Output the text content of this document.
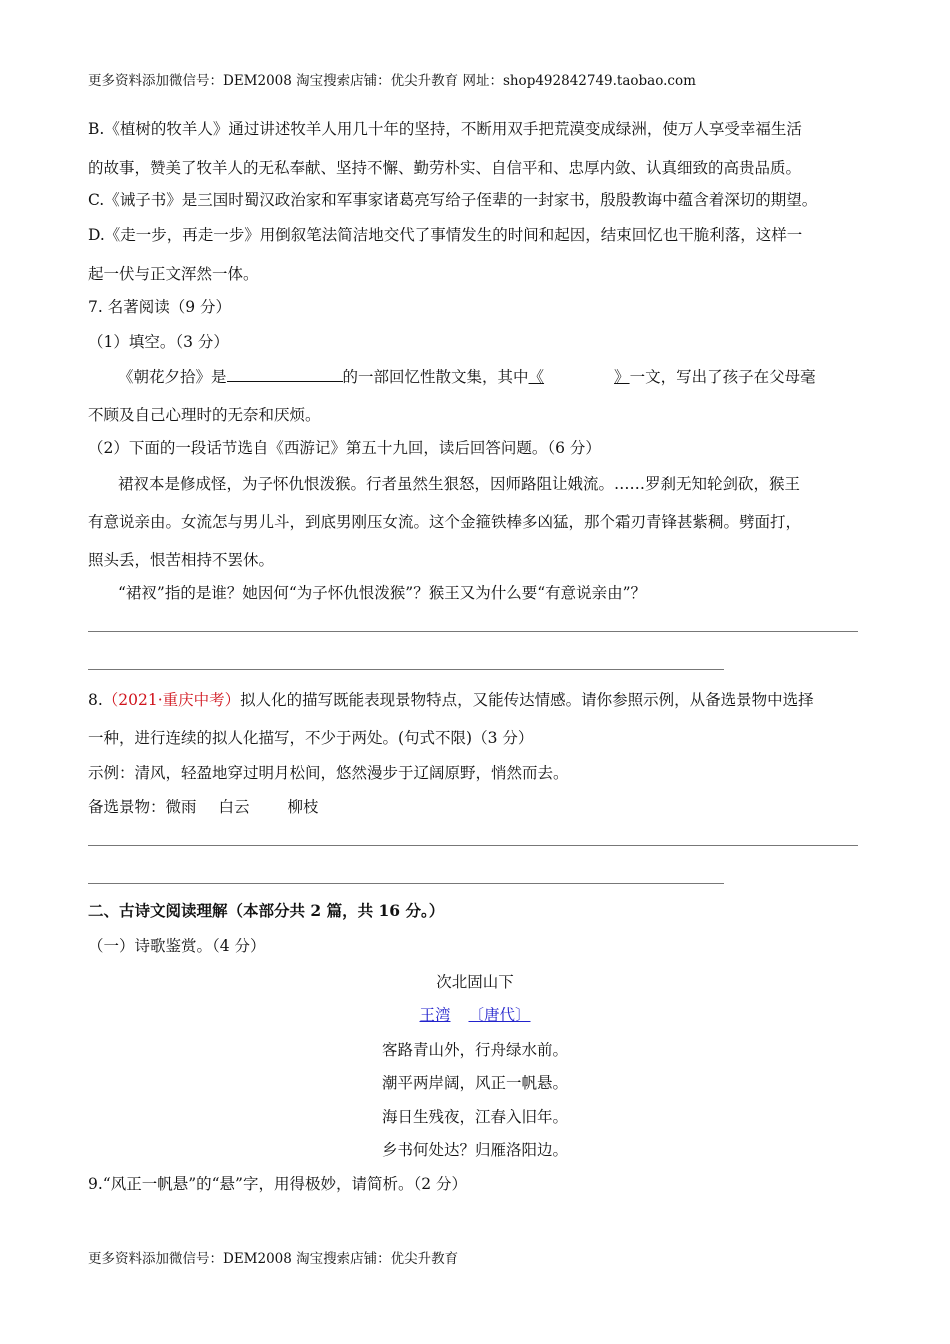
更多资料添加微信号：DEM2008 淘宝搜索店铺：优尖升教育 网址：shop492842749.taobao.com
B.《植树的牧羊人》通过讲述牧羊人用几十年的坚持，不断用双手把荒漠变成绿洲，使万人享受幸福生活
的故事，赞美了牧羊人的无私奉献、坚持不懈、勤劳朴实、自信平和、忠厚内敛、认真细致的高贵品质。
C.《诫子书》是三国时蜀汉政治家和军事家诸葛亮写给子侄辈的一封家书，殷殷教诲中蕴含着深切的期望。
D.《走一步，再走一步》用倒叙笔法简洁地交代了事情发生的时间和起因，结束回忆也干脆利落，这样一
起一伏与正文浑然一体。
7. 名著阅读（9 分）
（1）填空。（3 分）
《朝花夕拾》是	的一部回忆性散文集，其中《	》一文，写出了孩子在父母毫
不顾及自己心理时的无奈和厌烦。
（2）下面的一段话节选自《西游记》第五十九回，读后回答问题。（6 分）
裙衩本是修成怪，为子怀仇恨泼猴。行者虽然生狠怒，因师路阻让娥流。……罗刹无知轮剑砍，猴王
有意说亲由。女流怎与男儿斗，到底男刚压女流。这个金箍铁棒多凶猛，那个霜刃青锋甚紫稠。劈面打，
照头丢，恨苦相持不罢休。
“裙衩”指的是谁？她因何“为子怀仇恨泼猴”？猴王又为什么要“有意说亲由”？
8.（2021·重庆中考）拟人化的描写既能表现景物特点，又能传达情感。请你参照示例，从备选景物中选择
一种，进行连续的拟人化描写，不少于两处。(句式不限)（3 分）
示例：清风，轻盈地穿过明月松间，悠然漫步于辽阔原野，悄然而去。
备选景物：微雨 白云 柳枝
二、古诗文阅读理解（本部分共 2 篇，共 16 分。）
（一）诗歌鉴赏。（4 分）
次北固山下
王湾 〔唐代〕
客路青山外，行舟绿水前。
潮平两岸阔，风正一帆悬。
海日生残夜，江春入旧年。
乡书何处达？归雁洛阳边。
9.“风正一帆悬”的“悬”字，用得极妙，请简析。（2 分）
更多资料添加微信号：DEM2008 淘宝搜索店铺：优尖升教育
